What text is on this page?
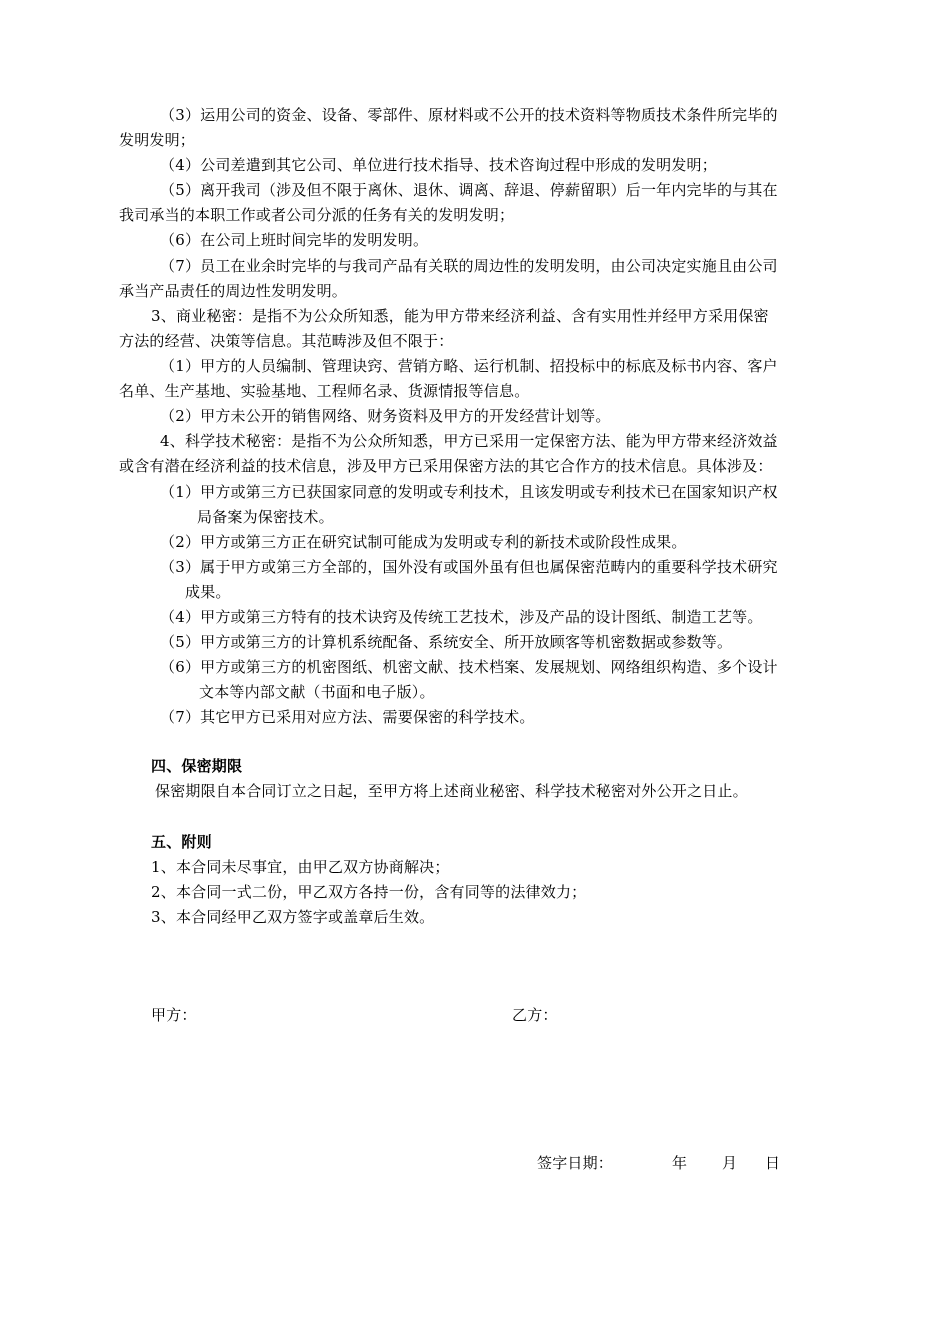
（3）运用公司的资金、设备、零部件、原材料或不公开的技术资料等物质技术条件所完毕的
发明发明；
（4）公司差遣到其它公司、单位进行技术指导、技术咨询过程中形成的发明发明；
（5）离开我司（涉及但不限于离休、退休、调离、辞退、停薪留职）后一年内完毕的与其在
我司承当的本职工作或者公司分派的任务有关的发明发明；
（6）在公司上班时间完毕的发明发明。
（7）员工在业余时完毕的与我司产品有关联的周边性的发明发明，由公司决定实施且由公司
承当产品责任的周边性发明发明。
3、商业秘密：是指不为公众所知悉，能为甲方带来经济利益、含有实用性并经甲方采用保密
方法的经营、决策等信息。其范畴涉及但不限于：
（1）甲方的人员编制、管理诀窍、营销方略、运行机制、招投标中的标底及标书内容、客户
名单、生产基地、实验基地、工程师名录、货源情报等信息。
（2）甲方未公开的销售网络、财务资料及甲方的开发经营计划等。
4、科学技术秘密：是指不为公众所知悉，甲方已采用一定保密方法、能为甲方带来经济效益
或含有潜在经济利益的技术信息，涉及甲方已采用保密方法的其它合作方的技术信息。具体涉及：
（1）甲方或第三方已获国家同意的发明或专利技术，且该发明或专利技术已在国家知识产权
局备案为保密技术。
（2）甲方或第三方正在研究试制可能成为发明或专利的新技术或阶段性成果。
（3）属于甲方或第三方全部的，国外没有或国外虽有但也属保密范畴内的重要科学技术研究
成果。
（4）甲方或第三方特有的技术诀窍及传统工艺技术，涉及产品的设计图纸、制造工艺等。
（5）甲方或第三方的计算机系统配备、系统安全、所开放顾客等机密数据或参数等。
（6）甲方或第三方的机密图纸、机密文献、技术档案、发展规划、网络组织构造、多个设计
文本等内部文献（书面和电子版）。
（7）其它甲方已采用对应方法、需要保密的科学技术。
四、保密期限
保密期限自本合同订立之日起，至甲方将上述商业秘密、科学技术秘密对外公开之日止。
五、附则
1、本合同未尽事宜，由甲乙双方协商解决；
2、本合同一式二份，甲乙双方各持一份，含有同等的法律效力；
3、本合同经甲乙双方签字或盖章后生效。
甲方：	乙方：
签字日期：	年 月 日
